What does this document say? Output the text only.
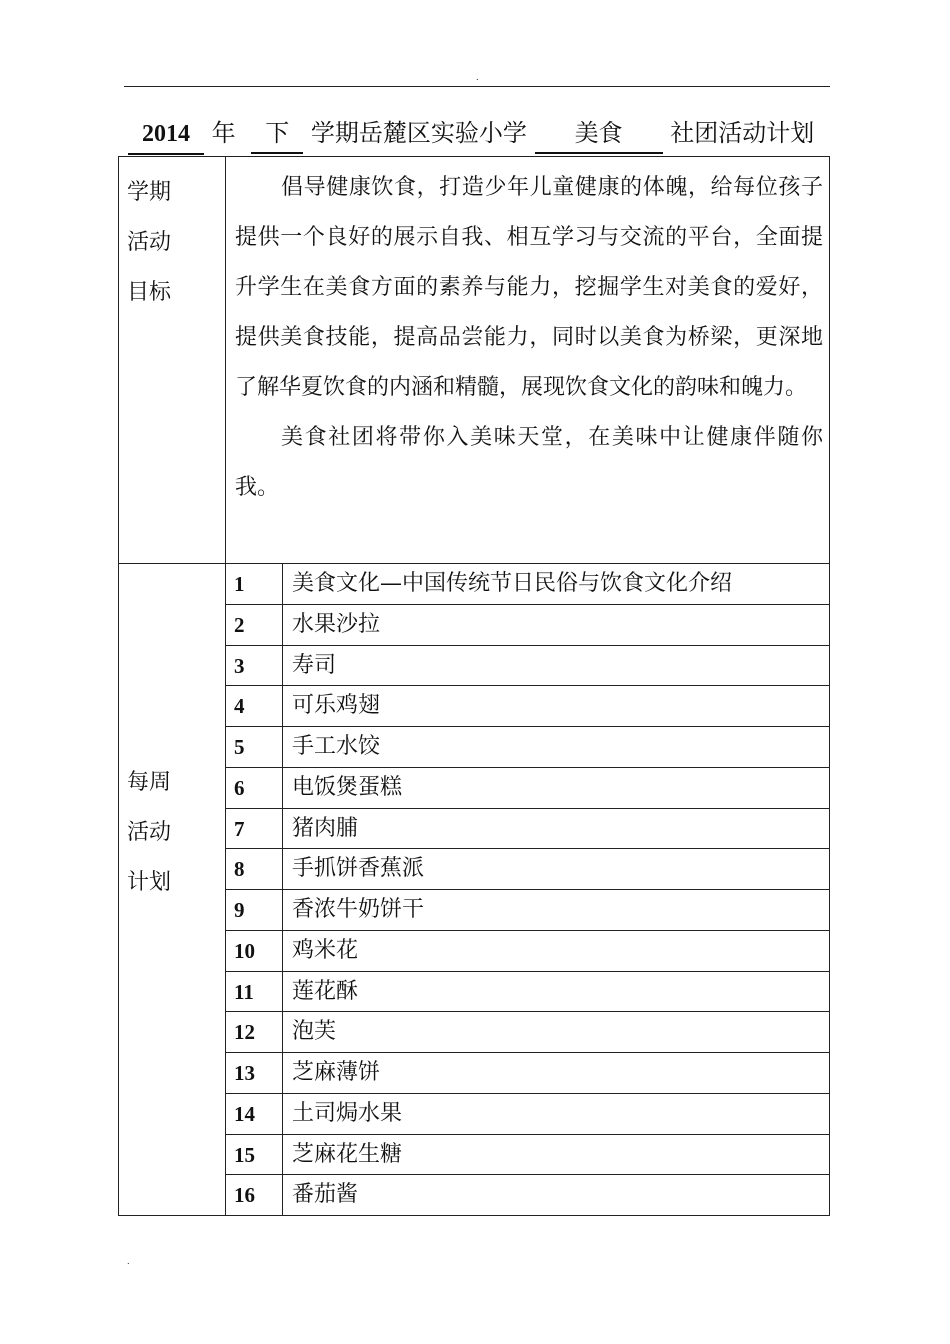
.
2014 年 下 学期岳麓区实验小学 美食 社团活动计划
学期
活动
目标

倡导健康饮食，打造少年儿童健康的体魄，给每位孩子提供一个良好的展示自我、相互学习与交流的平台，全面提升学生在美食方面的素养与能力，挖掘学生对美食的爱好，提供美食技能，提高品尝能力，同时以美食为桥梁，更深地了解华夏饮食的内涵和精髓，展现饮食文化的韵味和魄力。

美食社团将带你入美味天堂，在美味中让健康伴随你我。

每周
活动
计划
1 美食文化—中国传统节日民俗与饮食文化介绍
2 水果沙拉
3 寿司
4 可乐鸡翅
5 手工水饺
6 电饭煲蛋糕
7 猪肉脯
8 手抓饼香蕉派
9 香浓牛奶饼干
10 鸡米花
11 莲花酥
12 泡芙
13 芝麻薄饼
14 土司焗水果
15 芝麻花生糖
16 番茄酱
.
